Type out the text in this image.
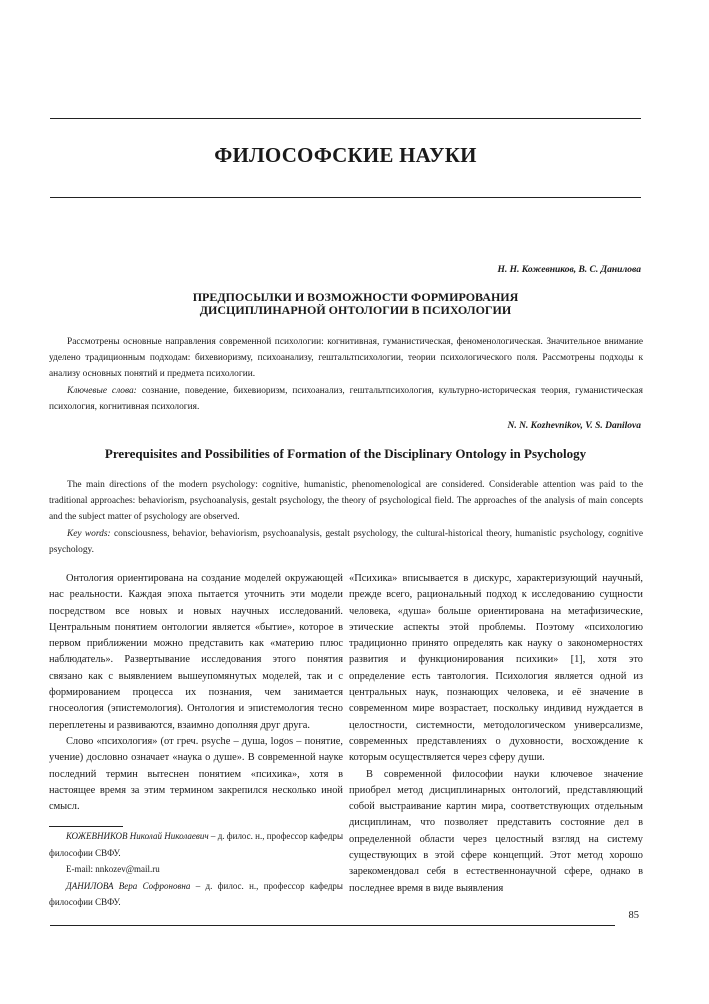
ФИЛОСОФСКИЕ НАУКИ
Н. Н. Кожевников, В. С. Данилова
ПРЕДПОСЫЛКИ И ВОЗМОЖНОСТИ ФОРМИРОВАНИЯ
ДИСЦИПЛИНАРНОЙ ОНТОЛОГИИ В ПСИХОЛОГИИ
Рассмотрены основные направления современной психологии: когнитивная, гуманистическая, феноменологическая. Значительное внимание уделено традиционным подходам: бихевиоризму, психоанализу, гештальтпсихологии, теории психологического поля. Рассмотрены подходы к анализу основных понятий и предмета психологии.
Ключевые слова: сознание, поведение, бихевиоризм, психоанализ, гештальтпсихология, культурно-историческая теория, гуманистическая психология, когнитивная психология.
N. N. Kozhevnikov, V. S. Danilova
Prerequisites and Possibilities of Formation of the Disciplinary Ontology in Psychology
The main directions of the modern psychology: cognitive, humanistic, phenomenological are considered. Considerable attention was paid to the traditional approaches: behaviorism, psychoanalysis, gestalt psychology, the theory of psychological field. The approaches of the analysis of main concepts and the subject matter of psychology are observed.
Key words: consciousness, behavior, behaviorism, psychoanalysis, gestalt psychology, the cultural-historical theory, humanistic psychology, cognitive psychology.

Онтология ориентирована на создание моделей окружающей нас реальности. Каждая эпоха пытается уточнить эти модели посредством все новых и новых научных исследований. Центральным понятием онтологии является «бытие», которое в первом приближении можно представить как «материю плюс наблюдатель». Развертывание исследования этого понятия связано как с выявлением вышеупомянутых моделей, так и с формированием процесса их познания, чем занимается гносеология (эпистемология). Онтология и эпистемология тесно переплетены и развиваются, взаимно дополняя друг друга.

Слово «психология» (от греч. psyche – душа, logos – понятие, учение) дословно означает «наука о душе». В современной науке последний термин вытеснен понятием «психика», хотя в настоящее время за этим термином закрепился несколько иной смысл.

КОЖЕВНИКОВ Николай Николаевич – д. филос. н., профессор кафедры философии СВФУ.

E-mail: nnkozev@mail.ru

ДАНИЛОВА Вера Софроновна – д. филос. н., профессор кафедры философии СВФУ.

«Психика» вписывается в дискурс, характеризующий научный, прежде всего, рациональный подход к исследованию сущности человека, «душа» больше ориентирована на метафизические, этические аспекты этой проблемы. Поэтому «психологию традиционно принято определять как науку о закономерностях развития и функционирования психики» [1], хотя это определение есть тавтология. Психология является одной из центральных наук, познающих человека, и её значение в современном мире возрастает, поскольку индивид нуждается в целостности, системности, методологическом универсализме, современных представлениях о духовности, восхождение к которым осуществляется через сферу души.

В современной философии науки ключевое значение приобрел метод дисциплинарных онтологий, представляющий собой выстраивание картин мира, соответствующих отдельным дисциплинам, что позволяет представить состояние дел в определенной области через целостный взгляд на систему существующих в этой сфере концепций. Этот метод хорошо зарекомендовал себя в естественнонаучной сфере, однако в последнее время в виде выявления

85
